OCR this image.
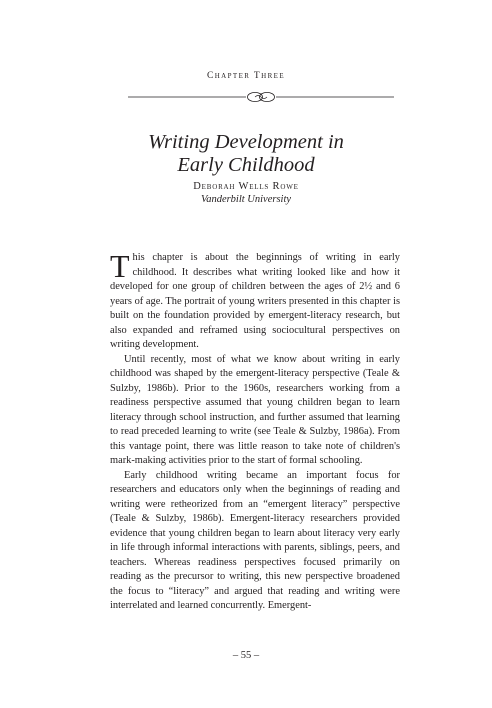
Chapter Three
Writing Development in
Early Childhood
Deborah Wells Rowe
Vanderbilt University

This chapter is about the beginnings of writing in early childhood. It describes what writing looked like and how it developed for one group of children between the ages of 2½ and 6 years of age. The portrait of young writers presented in this chapter is built on the foundation provided by emergent-literacy research, but also expanded and reframed using sociocultural perspectives on writing development.

Until recently, most of what we know about writing in early childhood was shaped by the emergent-literacy perspective (Teale & Sulzby, 1986b). Prior to the 1960s, researchers working from a readiness perspective assumed that young children began to learn literacy through school instruction, and further assumed that learning to read preceded learning to write (see Teale & Sulzby, 1986a). From this vantage point, there was little reason to take note of children's mark-making activities prior to the start of formal schooling.

Early childhood writing became an important focus for researchers and educators only when the beginnings of reading and writing were retheorized from an “emergent literacy” perspective (Teale & Sulzby, 1986b). Emergent-literacy researchers provided evidence that young children began to learn about literacy very early in life through informal interactions with parents, siblings, peers, and teachers. Whereas readiness perspectives focused primarily on reading as the precursor to writing, this new perspective broadened the focus to “literacy” and argued that reading and writing were interrelated and learned concurrently. Emergent-

– 55 –
